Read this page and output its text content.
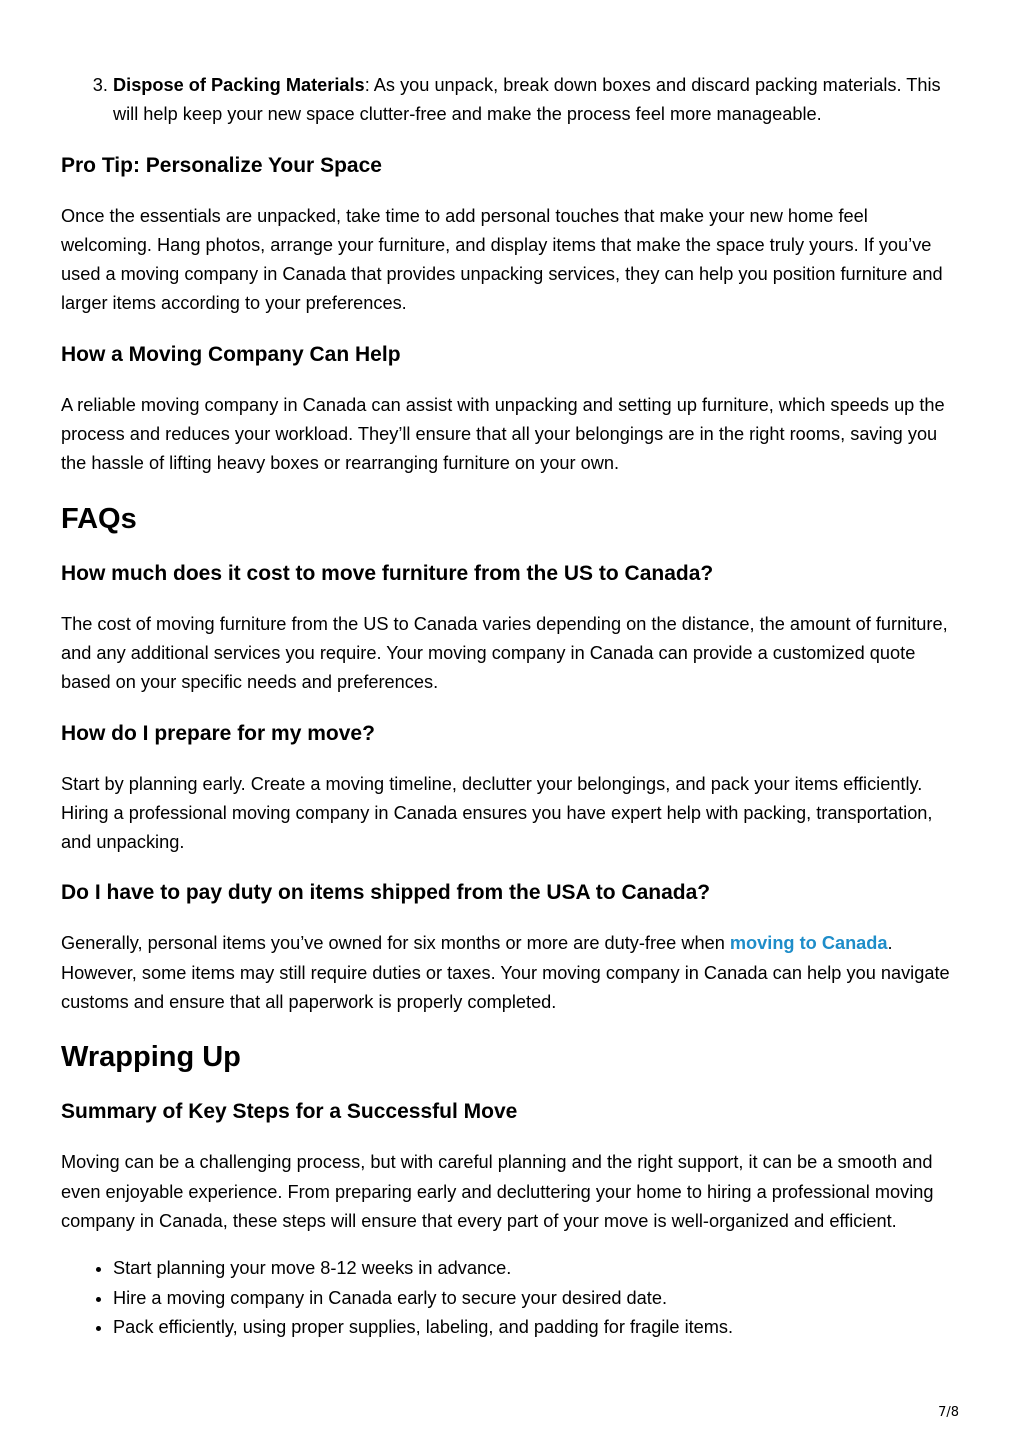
3. Dispose of Packing Materials: As you unpack, break down boxes and discard packing materials. This will help keep your new space clutter-free and make the process feel more manageable.
Pro Tip: Personalize Your Space

Once the essentials are unpacked, take time to add personal touches that make your new home feel welcoming. Hang photos, arrange your furniture, and display items that make the space truly yours. If you’ve used a moving company in Canada that provides unpacking services, they can help you position furniture and larger items according to your preferences.

How a Moving Company Can Help

A reliable moving company in Canada can assist with unpacking and setting up furniture, which speeds up the process and reduces your workload. They’ll ensure that all your belongings are in the right rooms, saving you the hassle of lifting heavy boxes or rearranging furniture on your own.

FAQs
How much does it cost to move furniture from the US to Canada?

The cost of moving furniture from the US to Canada varies depending on the distance, the amount of furniture, and any additional services you require. Your moving company in Canada can provide a customized quote based on your specific needs and preferences.

How do I prepare for my move?

Start by planning early. Create a moving timeline, declutter your belongings, and pack your items efficiently. Hiring a professional moving company in Canada ensures you have expert help with packing, transportation, and unpacking.

Do I have to pay duty on items shipped from the USA to Canada?

Generally, personal items you’ve owned for six months or more are duty-free when moving to Canada. However, some items may still require duties or taxes. Your moving company in Canada can help you navigate customs and ensure that all paperwork is properly completed.

Wrapping Up
Summary of Key Steps for a Successful Move

Moving can be a challenging process, but with careful planning and the right support, it can be a smooth and even enjoyable experience. From preparing early and decluttering your home to hiring a professional moving company in Canada, these steps will ensure that every part of your move is well-organized and efficient.

• Start planning your move 8-12 weeks in advance.
• Hire a moving company in Canada early to secure your desired date.
• Pack efficiently, using proper supplies, labeling, and padding for fragile items.
7/8
